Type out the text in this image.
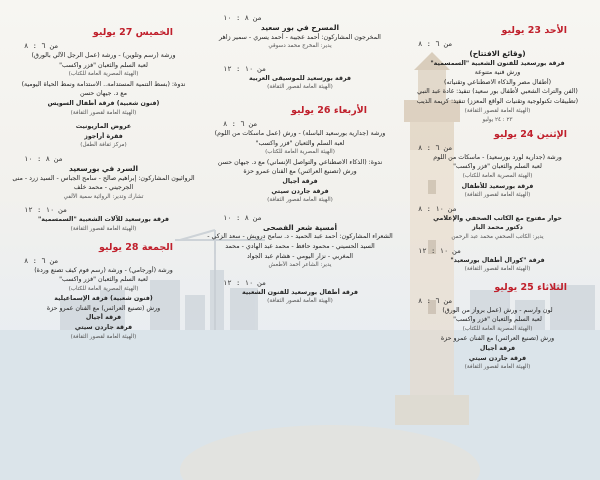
الأحد 23 يوليو
من ٦ : ٨
(وقائع الافتتاح)
فرقة بورسعيد للفنون الشعبية "السمسمية"
ورش فنية متنوعة
(أطفال مصر والذكاء الاصطناعي وتقنياته)
(الفن والتراث الشعبي لأطفال بور سعيد) تنفيذ: غادة عبد النبي
(تطبيقات تكنولوجية وتقنيات الواقع المعزز) تنفيذ: كريمة الذيب
(الهيئة العامة لقصور الثقافة)
٢٣ : ٢٤ يوليو
الإثنين 24 يوليو
من ٦ : ٨
ورشة (جدارية لورد بورسعيد) - ماسكات من اللوم
لعبة السلم والثعبان "فزر واكسب"
(الهيئة المصرية العامة للكتاب)
فرقة بورسعيد للأطفال
(الهيئة العامة لقصور الثقافة)
من ١٠ : ٨
حوار مفتوح مع الكاتب الصحفي والإعلامي
دكتور محمد الباز
يدير: الكاتب الصحفي محمد عبد الرحمن
من ١٠ : ١٢
فرقة "كورال أطفال بورسعيد"
(الهيئة العامة لقصور الثقافة)
الثلاثاء 25 يوليو
من ٦ : ٨
لون وارسم - ورش (عمل برواز من الورق)
لعبة السلم والثعبان "فزر واكسب"
(الهيئة المصرية العامة للكتاب)
ورش (تصنيع العرائس) مع الفنان عمرو حزة
فرقة أجيال
فرقة جاردن سيتي
(الهيئة العامة لقصور الثقافة)
من ٨ : ١٠
المسرح في بور سعيد
المخرجون المشاركون: أحمد عجيبة - أحمد يسري - سمير زاهر
يدير: المخرج محمد دسوقي
من ١٠ : ١٢
فرقة بورسعيد للموسيقى العربية
(الهيئة العامة لقصور الثقافة)
الأربعاء 26 يوليو
من ٦ : ٨
ورشة (جدارية بورسعيد الباسلة) - ورش (عمل ماسكات من اللوم)
لعبة السلم والثعبان "فزر واكسب"
(الهيئة المصرية العامة للكتاب)
ندوة: (الذكاء الاصطناعي والتواصل الإنساني) مع د. جيهان حسن
ورش (تصنيع العرائس) مع الفنان عمرو حزة
فرقة أجيال
فرقة جاردن سيتي
(الهيئة العامة لقصور الثقافة)
من ٨ : ١٠
أمسية شعر الفصحى
الشعراء المشاركون: أحمد عبد الحميد - د. سامح درويش - سعد الزكي -
السيد الحسيني - محمود حافظ - محمد عبد الهادي - محمد
المغربي - نزار اليومي - هشام عبد الجواد
يدير: الشاعر أحمد الأطعش
من ١٠ : ١٢
فرقة أطفال بورسعيد للفنون الشعبية
(الهيئة العامة لقصور الثقافة)
الخميس 27 يوليو
من ٦ : ٨
ورشة (رسم وتلوين) - ورشة (عمل الرجل الآلي بالورق)
لعبة السلم والثعبان "فزر واكسب"
(الهيئة المصرية العامة للكتاب)
ندوة: (بسط التنمية المستدامة.. الاستدامة ونمط الحياة اليومية)
مع د. جيهان حسن
(فنون شعبية) فرقة أطفال السويس
(الهيئة العامة لقصور الثقافة)
عروض الماريونيت
فقرة أراجوز
(مركز ثقافة الطفل)
من ٨ : ١٠
السرد في بورسعيد
الروائيون المشاركون: إبراهيم صالح - سامح الجباس - السيد زرد - منى
الجرجيني - محمد خلف
تشارك وتدير: الروائية سمية الألفي
من ١٠ : ١٢
فرقة بورسعيد للآلات الشعبية "السمسمية"
(الهيئة العامة لقصور الثقافة)
الجمعة 28 يوليو
من ٦ : ٨
ورشة (أورجامي) - ورشة (رسم فوم كيف تصنع وردة)
لعبة السلم والثعبان "فزر واكسب"
(الهيئة المصرية العامة للكتاب)
(فنون شعبية) فرقة الإسماعيلية
ورش (تصنيع العرائس) مع الفنان عمرو حزة
فرقة أجيال
فرقة جاردن سيتي
(الهيئة العامة لقصور الثقافة)
